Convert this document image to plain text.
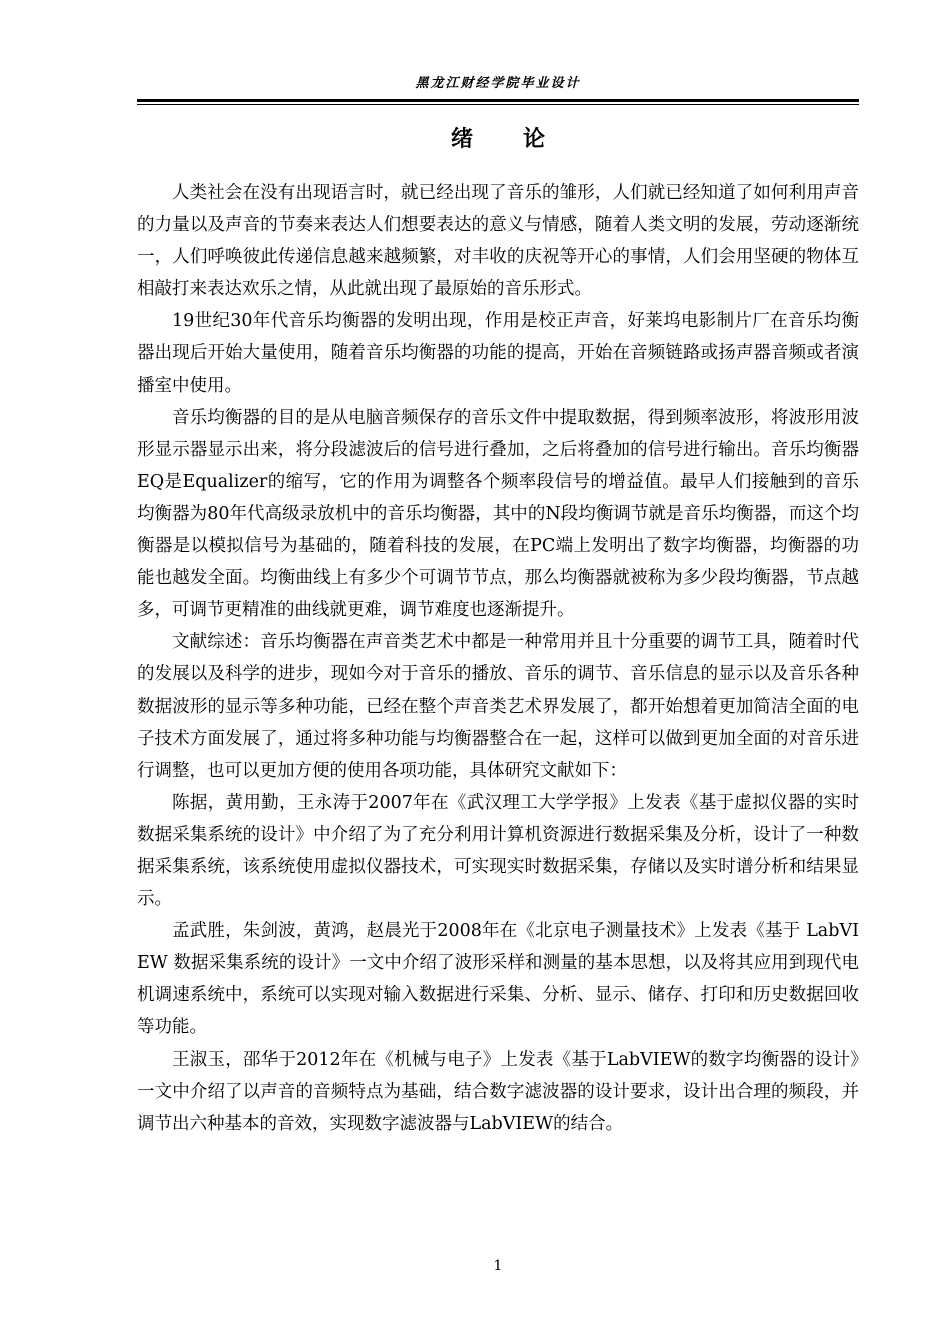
黑龙江财经学院毕业设计
绪论

人类社会在没有出现语言时，就已经出现了音乐的雏形，人们就已经知道了如何利用声音的力量以及声音的节奏来表达人们想要表达的意义与情感，随着人类文明的发展，劳动逐渐统一，人们呼唤彼此传递信息越来越频繁，对丰收的庆祝等开心的事情，人们会用坚硬的物体互相敲打来表达欢乐之情，从此就出现了最原始的音乐形式。

19世纪30年代音乐均衡器的发明出现，作用是校正声音，好莱坞电影制片厂在音乐均衡器出现后开始大量使用，随着音乐均衡器的功能的提高，开始在音频链路或扬声器音频或者演播室中使用。

音乐均衡器的目的是从电脑音频保存的音乐文件中提取数据，得到频率波形，将波形用波形显示器显示出来，将分段滤波后的信号进行叠加，之后将叠加的信号进行输出。音乐均衡器EQ是Equalizer的缩写，它的作用为调整各个频率段信号的增益值。最早人们接触到的音乐均衡器为80年代高级录放机中的音乐均衡器，其中的N段均衡调节就是音乐均衡器，而这个均衡器是以模拟信号为基础的，随着科技的发展，在PC端上发明出了数字均衡器，均衡器的功能也越发全面。均衡曲线上有多少个可调节节点，那么均衡器就被称为多少段均衡器，节点越多，可调节更精准的曲线就更难，调节难度也逐渐提升。

文献综述：音乐均衡器在声音类艺术中都是一种常用并且十分重要的调节工具，随着时代的发展以及科学的进步，现如今对于音乐的播放、音乐的调节、音乐信息的显示以及音乐各种数据波形的显示等多种功能，已经在整个声音类艺术界发展了，都开始想着更加简洁全面的电子技术方面发展了，通过将多种功能与均衡器整合在一起，这样可以做到更加全面的对音乐进行调整，也可以更加方便的使用各项功能，具体研究文献如下：

陈据，黄用勤，王永涛于2007年在《武汉理工大学学报》上发表《基于虚拟仪器的实时数据采集系统的设计》中介绍了为了充分利用计算机资源进行数据采集及分析，设计了一种数据采集系统，该系统使用虚拟仪器技术，可实现实时数据采集，存储以及实时谱分析和结果显示。

孟武胜，朱剑波，黄鸿，赵晨光于2008年在《北京电子测量技术》上发表《基于 LabVIEW 数据采集系统的设计》一文中介绍了波形采样和测量的基本思想，以及将其应用到现代电机调速系统中，系统可以实现对输入数据进行采集、分析、显示、储存、打印和历史数据回收等功能。

王淑玉，邵华于2012年在《机械与电子》上发表《基于LabVIEW的数字均衡器的设计》一文中介绍了以声音的音频特点为基础，结合数字滤波器的设计要求，设计出合理的频段，并调节出六种基本的音效，实现数字滤波器与LabVIEW的结合。

1
